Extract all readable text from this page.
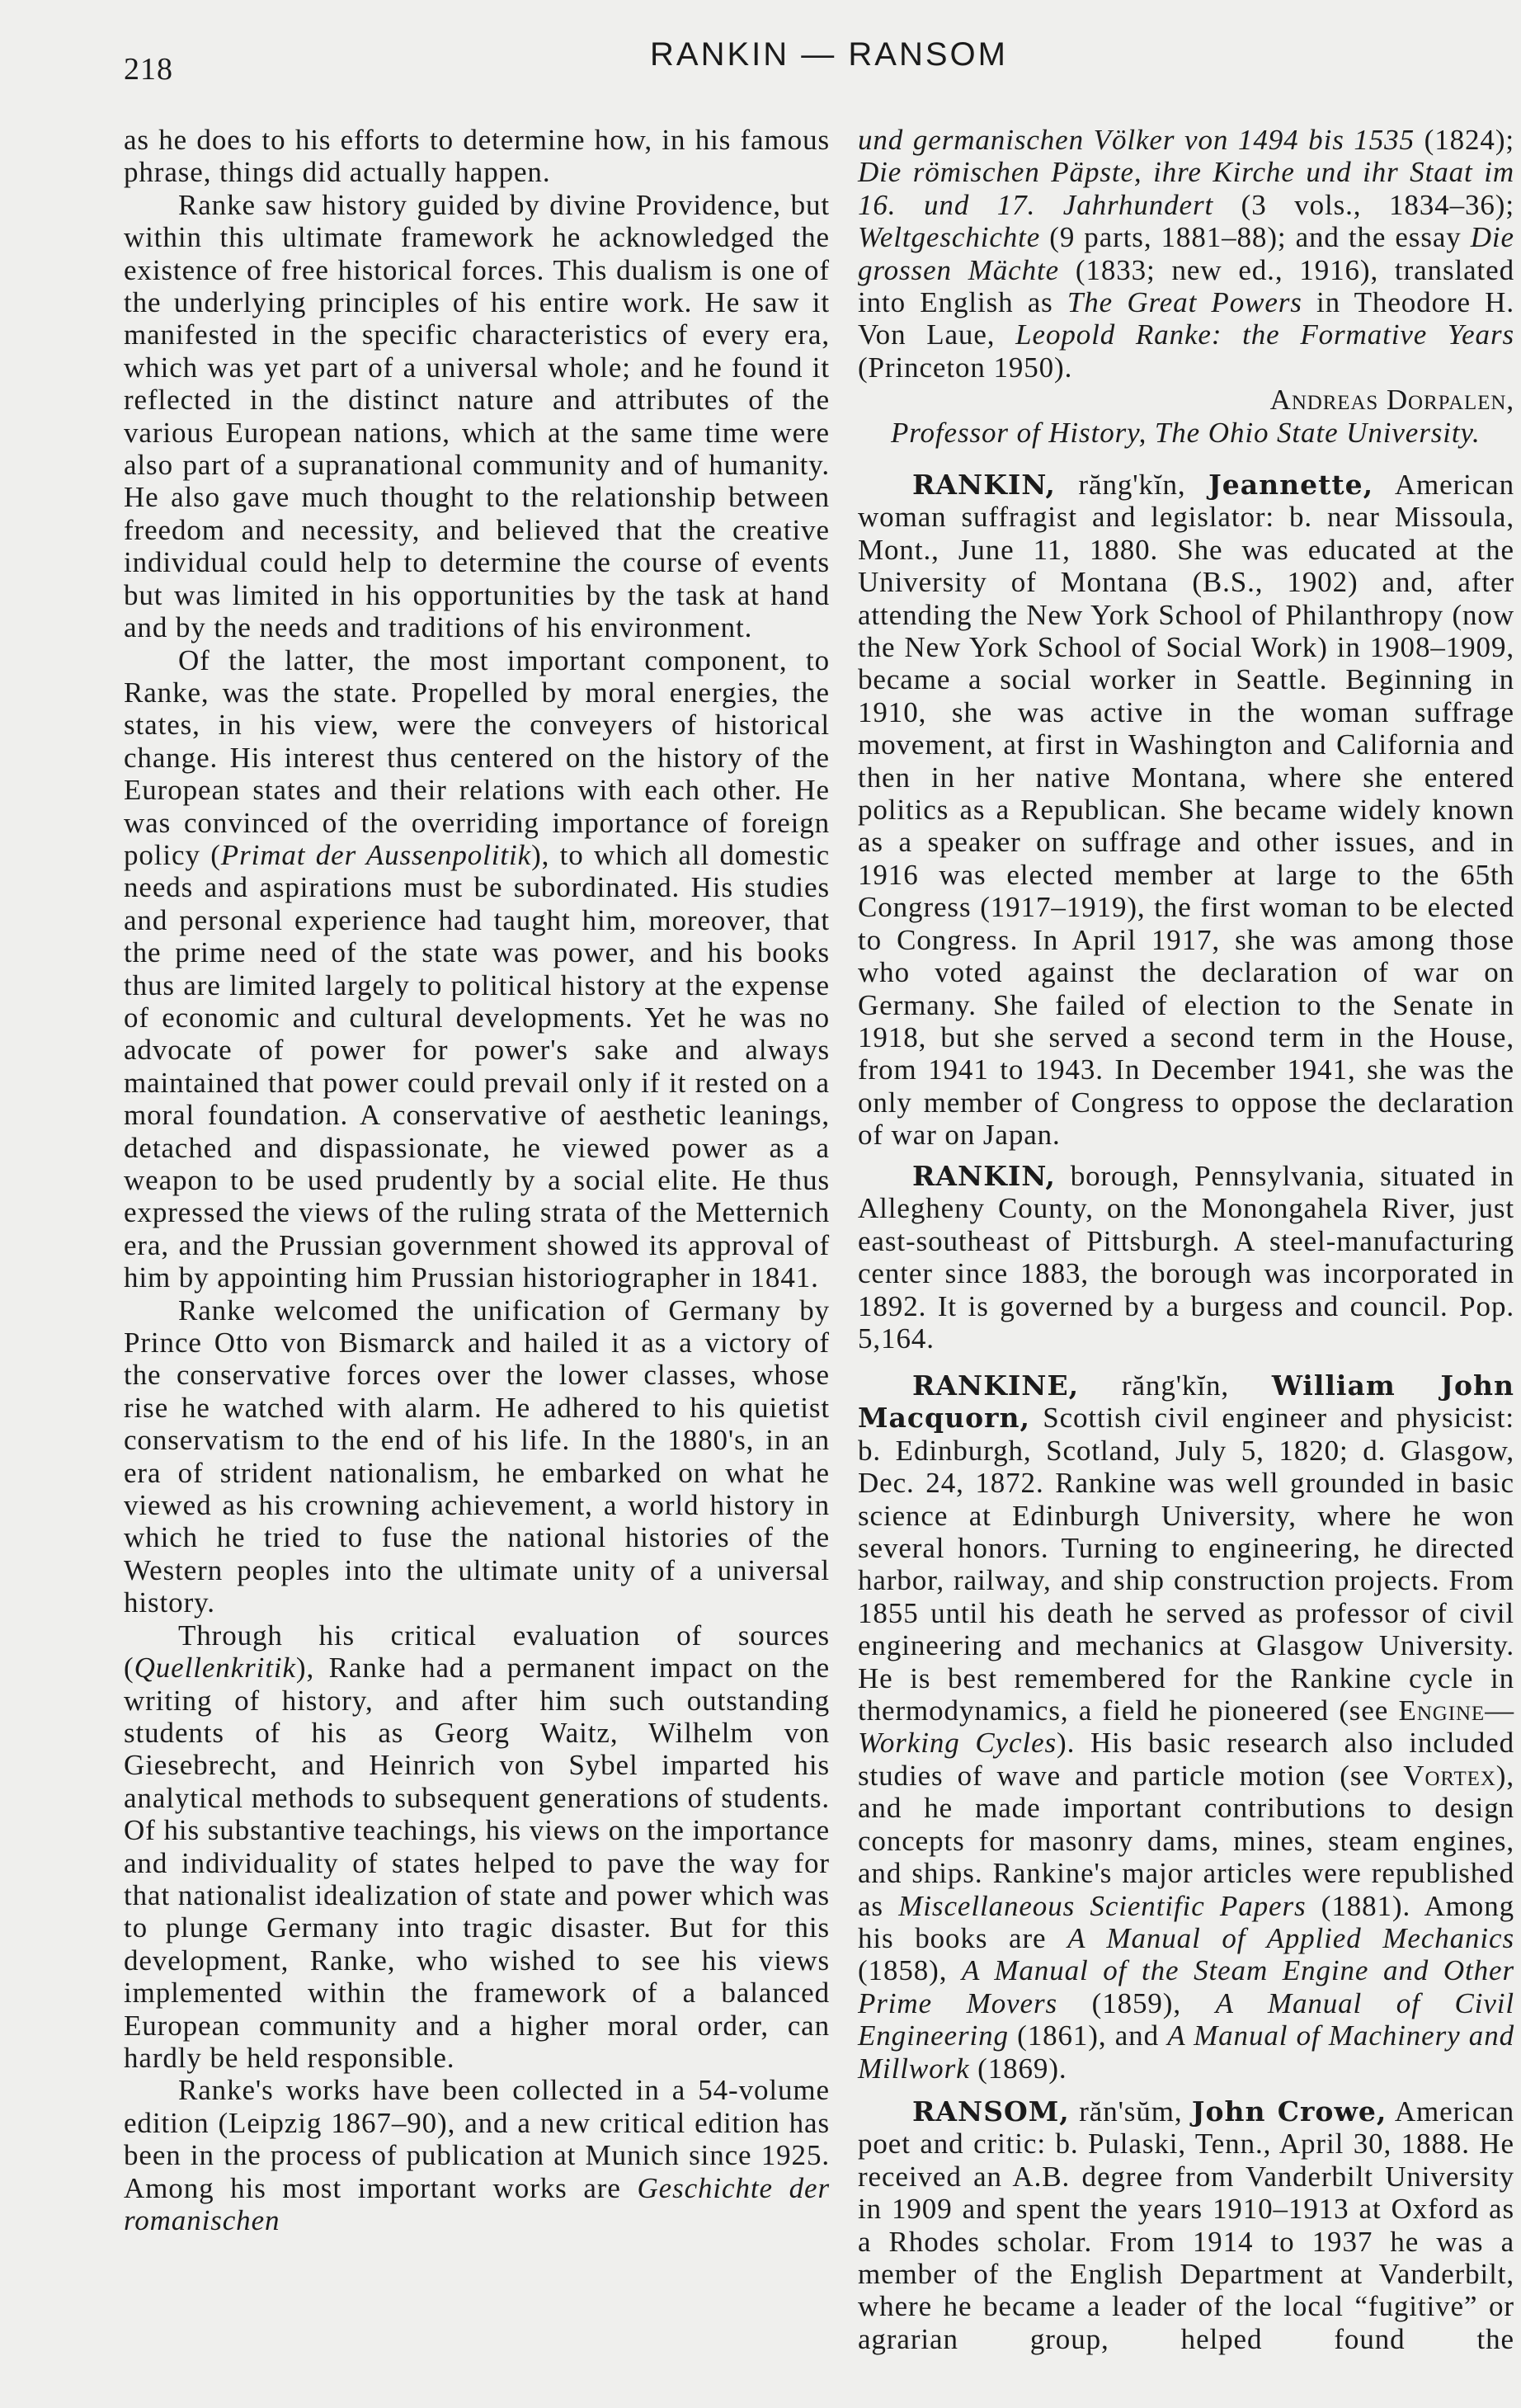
218	RANKIN — RANSOM

as he does to his efforts to determine how, in his famous phrase, things did actually happen.

Ranke saw history guided by divine Providence, but within this ultimate framework he acknowledged the existence of free historical forces. This dualism is one of the underlying principles of his entire work. He saw it manifested in the specific characteristics of every era, which was yet part of a universal whole; and he found it reflected in the distinct nature and attributes of the various European nations, which at the same time were also part of a supranational community and of humanity. He also gave much thought to the relationship between freedom and necessity, and believed that the creative individual could help to determine the course of events but was limited in his opportunities by the task at hand and by the needs and traditions of his environment.

Of the latter, the most important component, to Ranke, was the state. Propelled by moral energies, the states, in his view, were the conveyers of historical change. His interest thus centered on the history of the European states and their relations with each other. He was convinced of the overriding importance of foreign policy (Primat der Aussenpolitik), to which all domestic needs and aspirations must be subordinated. His studies and personal experience had taught him, moreover, that the prime need of the state was power, and his books thus are limited largely to political history at the expense of economic and cultural developments. Yet he was no advocate of power for power's sake and always maintained that power could prevail only if it rested on a moral foundation. A conservative of aesthetic leanings, detached and dispassionate, he viewed power as a weapon to be used prudently by a social elite. He thus expressed the views of the ruling strata of the Metternich era, and the Prussian government showed its approval of him by appointing him Prussian historiographer in 1841.

Ranke welcomed the unification of Germany by Prince Otto von Bismarck and hailed it as a victory of the conservative forces over the lower classes, whose rise he watched with alarm. He adhered to his quietist conservatism to the end of his life. In the 1880's, in an era of strident nationalism, he embarked on what he viewed as his crowning achievement, a world history in which he tried to fuse the national histories of the Western peoples into the ultimate unity of a universal history.

Through his critical evaluation of sources (Quellenkritik), Ranke had a permanent impact on the writing of history, and after him such outstanding students of his as Georg Waitz, Wilhelm von Giesebrecht, and Heinrich von Sybel imparted his analytical methods to subsequent generations of students. Of his substantive teachings, his views on the importance and individuality of states helped to pave the way for that nationalist idealization of state and power which was to plunge Germany into tragic disaster. But for this development, Ranke, who wished to see his views implemented within the framework of a balanced European community and a higher moral order, can hardly be held responsible.

Ranke's works have been collected in a 54-volume edition (Leipzig 1867–90), and a new critical edition has been in the process of publication at Munich since 1925. Among his most important works are Geschichte der romanischen

und germanischen Völker von 1494 bis 1535 (1824); Die römischen Päpste, ihre Kirche und ihr Staat im 16. und 17. Jahrhundert (3 vols., 1834–36); Weltgeschichte (9 parts, 1881–88); and the essay Die grossen Mächte (1833; new ed., 1916), translated into English as The Great Powers in Theodore H. Von Laue, Leopold Ranke: the Formative Years (Princeton 1950).

Andreas Dorpalen,

Professor of History, The Ohio State University.

RANKIN, răng'kĭn, Jeannette, American woman suffragist and legislator: b. near Missoula, Mont., June 11, 1880. She was educated at the University of Montana (B.S., 1902) and, after attending the New York School of Philanthropy (now the New York School of Social Work) in 1908–1909, became a social worker in Seattle. Beginning in 1910, she was active in the woman suffrage movement, at first in Washington and California and then in her native Montana, where she entered politics as a Republican. She became widely known as a speaker on suffrage and other issues, and in 1916 was elected member at large to the 65th Congress (1917–1919), the first woman to be elected to Congress. In April 1917, she was among those who voted against the declaration of war on Germany. She failed of election to the Senate in 1918, but she served a second term in the House, from 1941 to 1943. In December 1941, she was the only member of Congress to oppose the declaration of war on Japan.

RANKIN, borough, Pennsylvania, situated in Allegheny County, on the Monongahela River, just east-southeast of Pittsburgh. A steel-manufacturing center since 1883, the borough was incorporated in 1892. It is governed by a burgess and council. Pop. 5,164.

RANKINE, răng'kĭn, William John Macquorn, Scottish civil engineer and physicist: b. Edinburgh, Scotland, July 5, 1820; d. Glasgow, Dec. 24, 1872. Rankine was well grounded in basic science at Edinburgh University, where he won several honors. Turning to engineering, he directed harbor, railway, and ship construction projects. From 1855 until his death he served as professor of civil engineering and mechanics at Glasgow University. He is best remembered for the Rankine cycle in thermodynamics, a field he pioneered (see Engine—Working Cycles). His basic research also included studies of wave and particle motion (see Vortex), and he made important contributions to design concepts for masonry dams, mines, steam engines, and ships. Rankine's major articles were republished as Miscellaneous Scientific Papers (1881). Among his books are A Manual of Applied Mechanics (1858), A Manual of the Steam Engine and Other Prime Movers (1859), A Manual of Civil Engineering (1861), and A Manual of Machinery and Millwork (1869).

RANSOM, răn'sŭm, John Crowe, American poet and critic: b. Pulaski, Tenn., April 30, 1888. He received an A.B. degree from Vanderbilt University in 1909 and spent the years 1910–1913 at Oxford as a Rhodes scholar. From 1914 to 1937 he was a member of the English Department at Vanderbilt, where he became a leader of the local “fugitive” or agrarian group, helped found the
